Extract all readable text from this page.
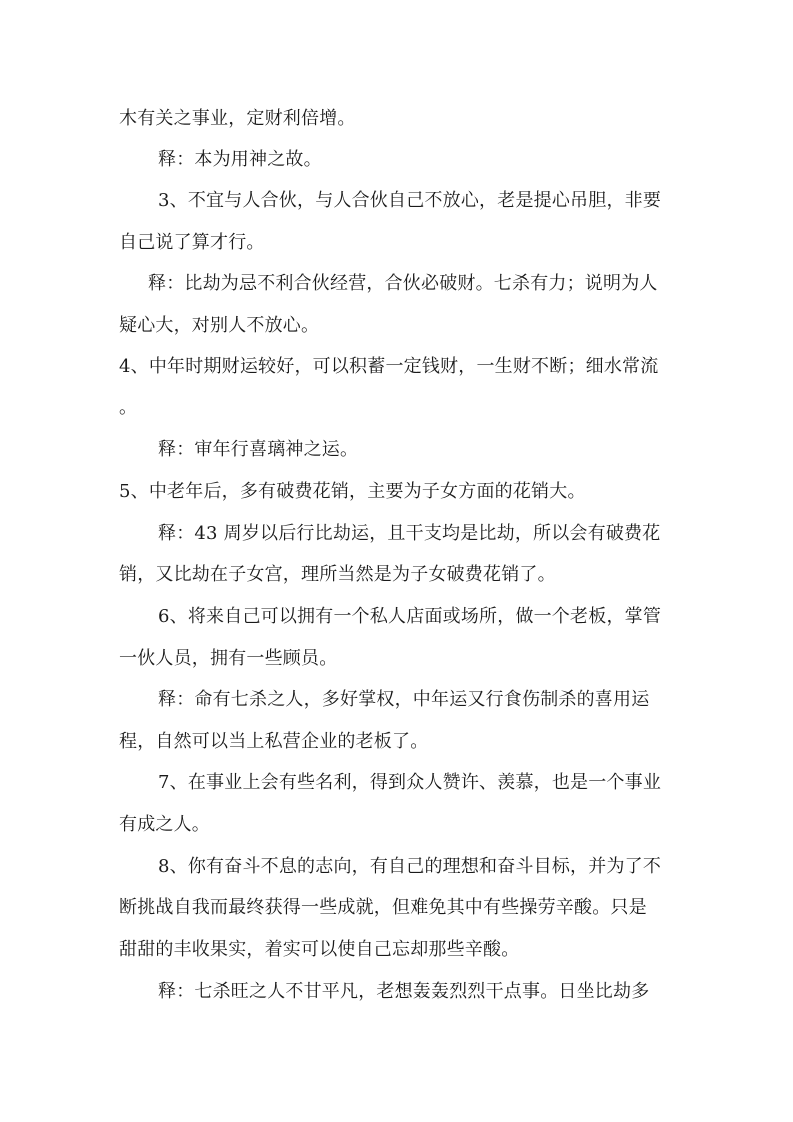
木有关之事业，定财利倍增。
释：本为用神之故。
3、不宜与人合伙，与人合伙自己不放心，老是提心吊胆，非要
自己说了算才行。
释：比劫为忌不利合伙经营，合伙必破财。七杀有力；说明为人
疑心大，对别人不放心。
4、中年时期财运较好，可以积蓄一定钱财，一生财不断；细水常流
。
释：审年行喜璃神之运。
5、中老年后，多有破费花销，主要为子女方面的花销大。
释：43 周岁以后行比劫运，且干支均是比劫，所以会有破费花
销，又比劫在子女宫，理所当然是为子女破费花销了。
6、将来自己可以拥有一个私人店面或场所，做一个老板，掌管
一伙人员，拥有一些顾员。
释：命有七杀之人，多好掌权，中年运又行食伤制杀的喜用运
程，自然可以当上私营企业的老板了。
7、在事业上会有些名利，得到众人赞许、羡慕，也是一个事业
有成之人。
8、你有奋斗不息的志向，有自己的理想和奋斗目标，并为了不
断挑战自我而最终获得一些成就，但难免其中有些操劳辛酸。只是
甜甜的丰收果实，着实可以使自己忘却那些辛酸。
释：七杀旺之人不甘平凡，老想轰轰烈烈干点事。日坐比劫多
